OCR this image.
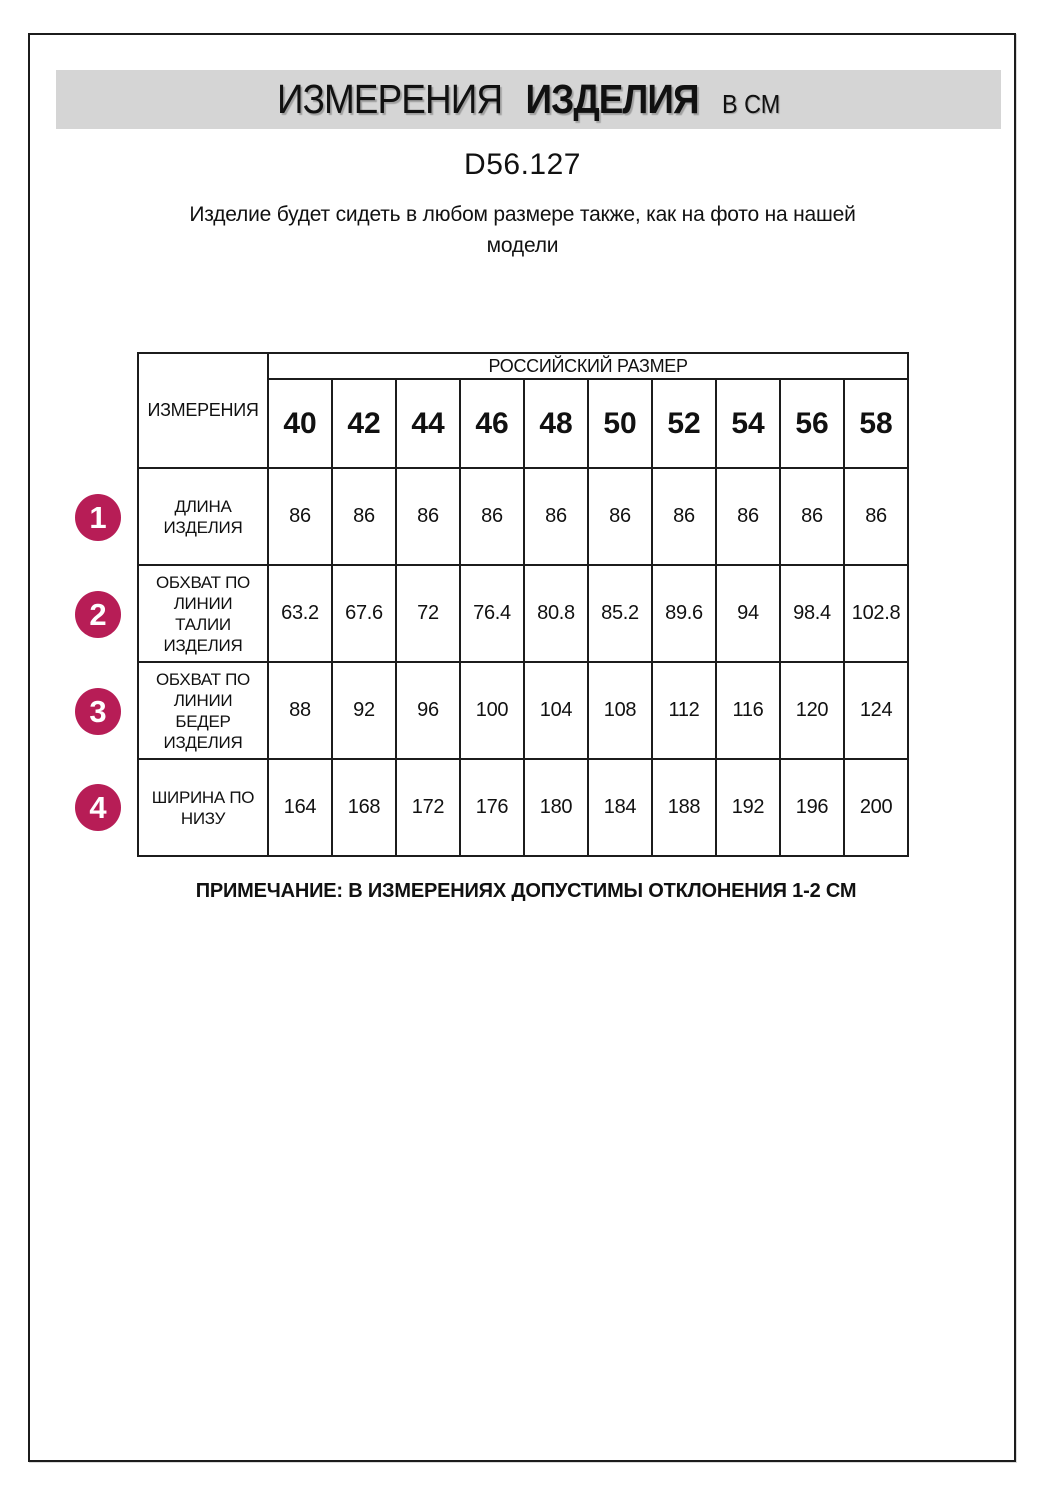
ИЗМЕРЕНИЯ ИЗДЕЛИЯ В СМ
D56.127
Изделие будет сидеть в любом размере также, как на фото на нашей
модели
ИЗМЕРЕНИЯ	РОССИЙСКИЙ РАЗМЕР									
	40	42	44	46	48	50	52	54	56	58

ДЛИНА
ИЗДЕЛИЯ	86	86	86	86	86	86	86	86	86	86

ОБХВАТ ПО
ЛИНИИ
ТАЛИИ
ИЗДЕЛИЯ	63.2	67.6	72	76.4	80.8	85.2	89.6	94	98.4	102.8

ОБХВАТ ПО
ЛИНИИ
БЕДЕР
ИЗДЕЛИЯ	88	92	96	100	104	108	112	116	120	124

ШИРИНА ПО
НИЗУ	164	168	172	176	180	184	188	192	196	200
1
2
3
4
ПРИМЕЧАНИЕ: В ИЗМЕРЕНИЯХ ДОПУСТИМЫ ОТКЛОНЕНИЯ 1-2 СМ
